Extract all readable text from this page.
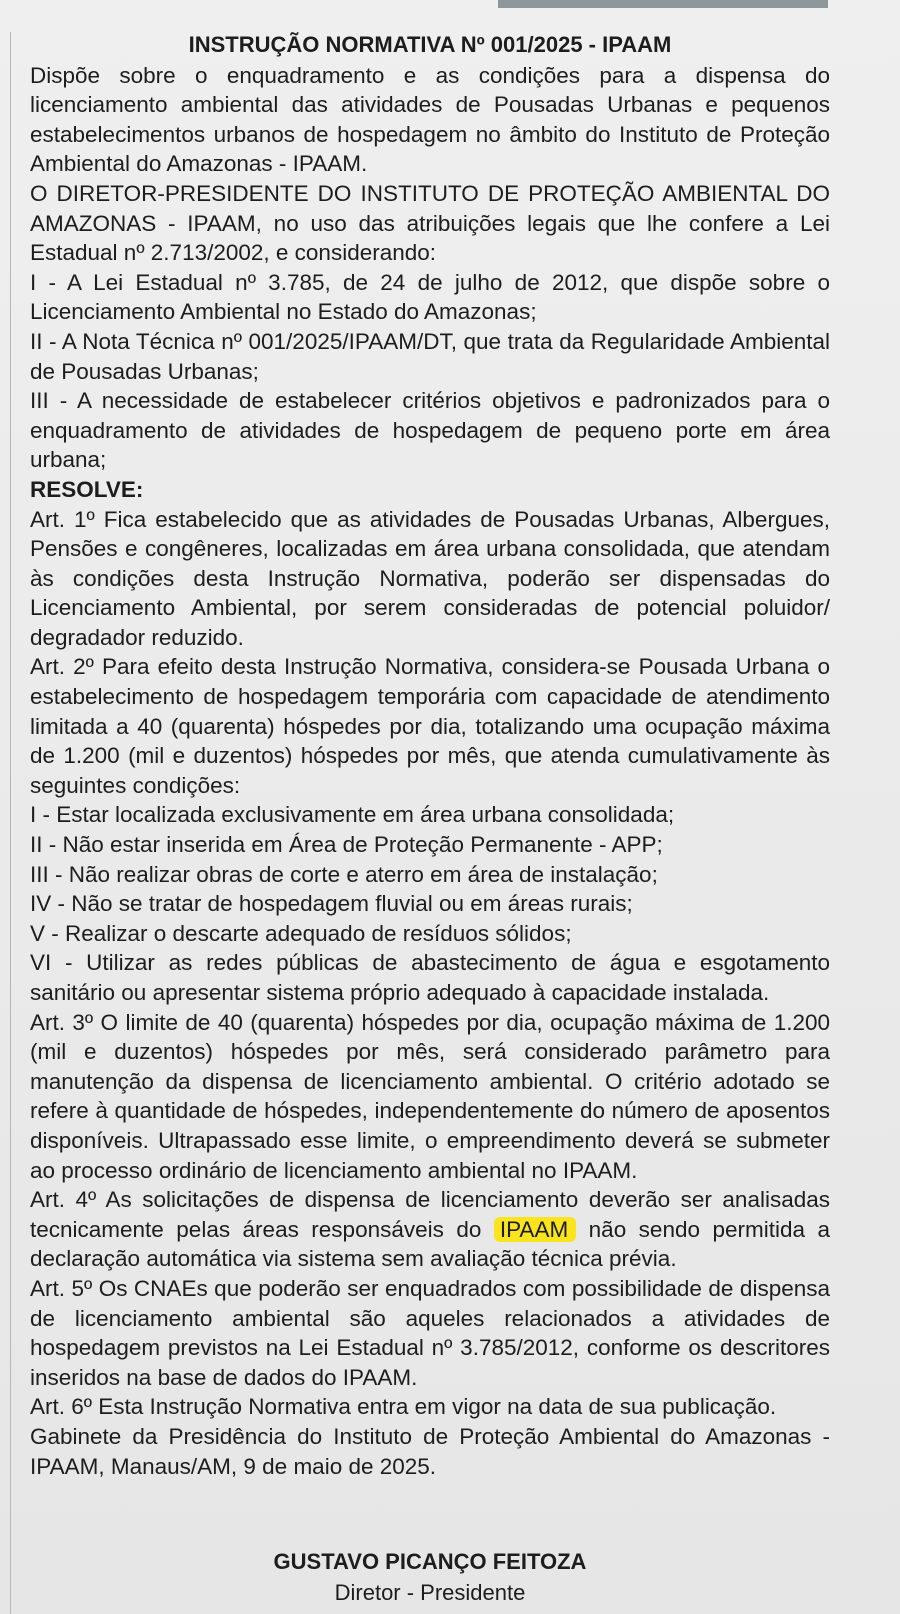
INSTRUÇÃO NORMATIVA Nº 001/2025 - IPAAM

Dispõe sobre o enquadramento e as condições para a dispensa do licenciamento ambiental das atividades de Pousadas Urbanas e pequenos estabelecimentos urbanos de hospedagem no âmbito do Instituto de Proteção Ambiental do Amazonas - IPAAM.

O DIRETOR-PRESIDENTE DO INSTITUTO DE PROTEÇÃO AMBIENTAL DO AMAZONAS - IPAAM, no uso das atribuições legais que lhe confere a Lei Estadual nº 2.713/2002, e considerando:

I - A Lei Estadual nº 3.785, de 24 de julho de 2012, que dispõe sobre o Licenciamento Ambiental no Estado do Amazonas;

II - A Nota Técnica nº 001/2025/IPAAM/DT, que trata da Regularidade Ambiental de Pousadas Urbanas;

III - A necessidade de estabelecer critérios objetivos e padronizados para o enquadramento de atividades de hospedagem de pequeno porte em área urbana;

RESOLVE:

Art. 1º Fica estabelecido que as atividades de Pousadas Urbanas, Albergues, Pensões e congêneres, localizadas em área urbana consolidada, que atendam às condições desta Instrução Normativa, poderão ser dispensadas do Licenciamento Ambiental, por serem consideradas de potencial poluidor/ degradador reduzido.

Art. 2º Para efeito desta Instrução Normativa, considera-se Pousada Urbana o estabelecimento de hospedagem temporária com capacidade de atendimento limitada a 40 (quarenta) hóspedes por dia, totalizando uma ocupação máxima de 1.200 (mil e duzentos) hóspedes por mês, que atenda cumulativamente às seguintes condições:

I - Estar localizada exclusivamente em área urbana consolidada;

II - Não estar inserida em Área de Proteção Permanente - APP;

III - Não realizar obras de corte e aterro em área de instalação;

IV - Não se tratar de hospedagem fluvial ou em áreas rurais;

V - Realizar o descarte adequado de resíduos sólidos;

VI - Utilizar as redes públicas de abastecimento de água e esgotamento sanitário ou apresentar sistema próprio adequado à capacidade instalada.

Art. 3º O limite de 40 (quarenta) hóspedes por dia, ocupação máxima de 1.200 (mil e duzentos) hóspedes por mês, será considerado parâmetro para manutenção da dispensa de licenciamento ambiental. O critério adotado se refere à quantidade de hóspedes, independentemente do número de aposentos disponíveis. Ultrapassado esse limite, o empreendimento deverá se submeter ao processo ordinário de licenciamento ambiental no IPAAM.

Art. 4º As solicitações de dispensa de licenciamento deverão ser analisadas tecnicamente pelas áreas responsáveis do IPAAM não sendo permitida a declaração automática via sistema sem avaliação técnica prévia.

Art. 5º Os CNAEs que poderão ser enquadrados com possibilidade de dispensa de licenciamento ambiental são aqueles relacionados a atividades de hospedagem previstos na Lei Estadual nº 3.785/2012, conforme os descritores inseridos na base de dados do IPAAM.

Art. 6º Esta Instrução Normativa entra em vigor na data de sua publicação.

Gabinete da Presidência do Instituto de Proteção Ambiental do Amazonas - IPAAM, Manaus/AM, 9 de maio de 2025.

GUSTAVO PICANÇO FEITOZA
Diretor - Presidente
